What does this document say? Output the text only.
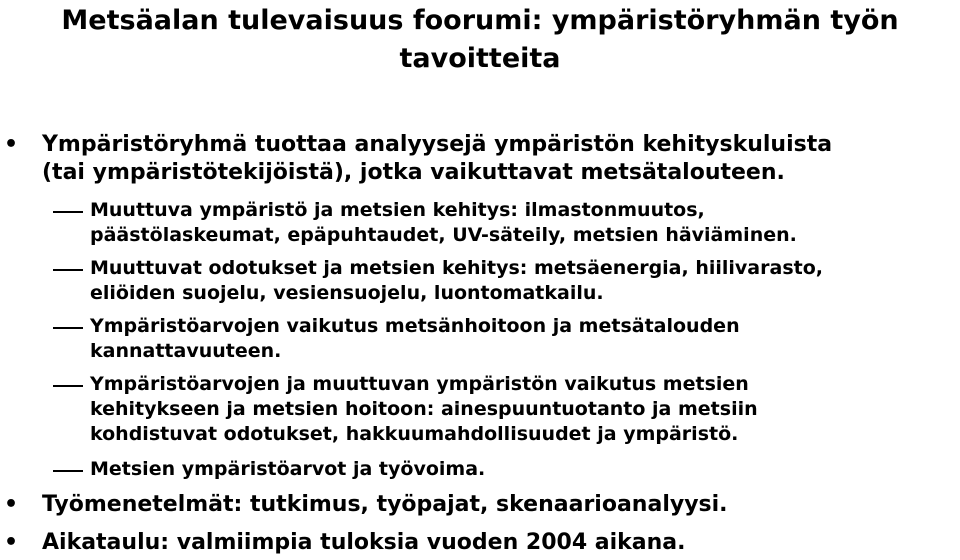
Metsäalan tulevaisuus foorumi: ympäristöryhmän työn
tavoitteita
• Ympäristöryhmä tuottaa analyysejä ympäristön kehityskuluista

(tai ympäristötekijöistä), jotka vaikuttavat metsätalouteen.

Muuttuva ympäristö ja metsien kehitys: ilmastonmuutos,

päästölaskeumat, epäpuhtaudet, UV-säteily, metsien häviäminen.

Muuttuvat odotukset ja metsien kehitys: metsäenergia, hiilivarasto,

eliöiden suojelu, vesiensuojelu, luontomatkailu.

Ympäristöarvojen vaikutus metsänhoitoon ja metsätalouden

kannattavuuteen.

Ympäristöarvojen ja muuttuvan ympäristön vaikutus metsien

kehitykseen ja metsien hoitoon: ainespuuntuotanto ja metsiin

kohdistuvat odotukset, hakkuumahdollisuudet ja ympäristö.

Metsien ympäristöarvot ja työvoima.

• Työmenetelmät: tutkimus, työpajat, skenaarioanalyysi.

• Aikataulu: valmiimpia tuloksia vuoden 2004 aikana.
